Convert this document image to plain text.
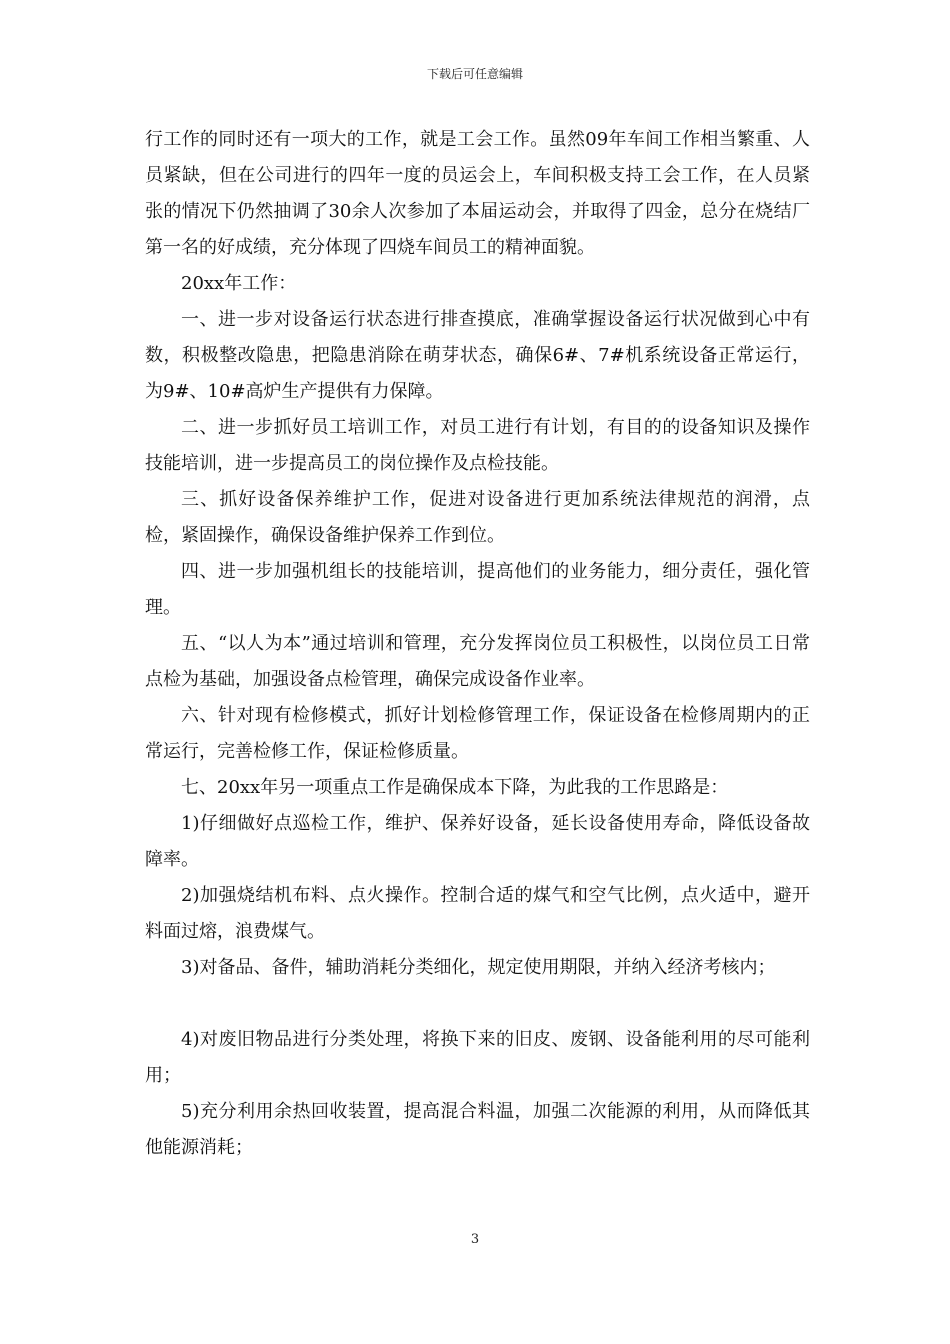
下载后可任意编辑

行工作的同时还有一项大的工作，就是工会工作。虽然09年车间工作相当繁重、人员紧缺，但在公司进行的四年一度的员运会上，车间积极支持工会工作，在人员紧张的情况下仍然抽调了30余人次参加了本届运动会，并取得了四金，总分在烧结厂第一名的好成绩，充分体现了四烧车间员工的精神面貌。

20xx年工作：

一、进一步对设备运行状态进行排查摸底，准确掌握设备运行状况做到心中有数，积极整改隐患，把隐患消除在萌芽状态，确保6#、7#机系统设备正常运行，为9#、10#高炉生产提供有力保障。

二、进一步抓好员工培训工作，对员工进行有计划，有目的的设备知识及操作技能培训，进一步提高员工的岗位操作及点检技能。

三、抓好设备保养维护工作，促进对设备进行更加系统法律规范的润滑，点检，紧固操作，确保设备维护保养工作到位。

四、进一步加强机组长的技能培训，提高他们的业务能力，细分责任，强化管理。

五、“以人为本”通过培训和管理，充分发挥岗位员工积极性，以岗位员工日常点检为基础，加强设备点检管理，确保完成设备作业率。

六、针对现有检修模式，抓好计划检修管理工作，保证设备在检修周期内的正常运行，完善检修工作，保证检修质量。

七、20xx年另一项重点工作是确保成本下降，为此我的工作思路是：

1)仔细做好点巡检工作，维护、保养好设备，延长设备使用寿命，降低设备故障率。

2)加强烧结机布料、点火操作。控制合适的煤气和空气比例，点火适中，避开料面过熔，浪费煤气。

3)对备品、备件，辅助消耗分类细化，规定使用期限，并纳入经济考核内；

4)对废旧物品进行分类处理，将换下来的旧皮、废钢、设备能利用的尽可能利用；

5)充分利用余热回收装置，提高混合料温，加强二次能源的利用，从而降低其他能源消耗；

3
